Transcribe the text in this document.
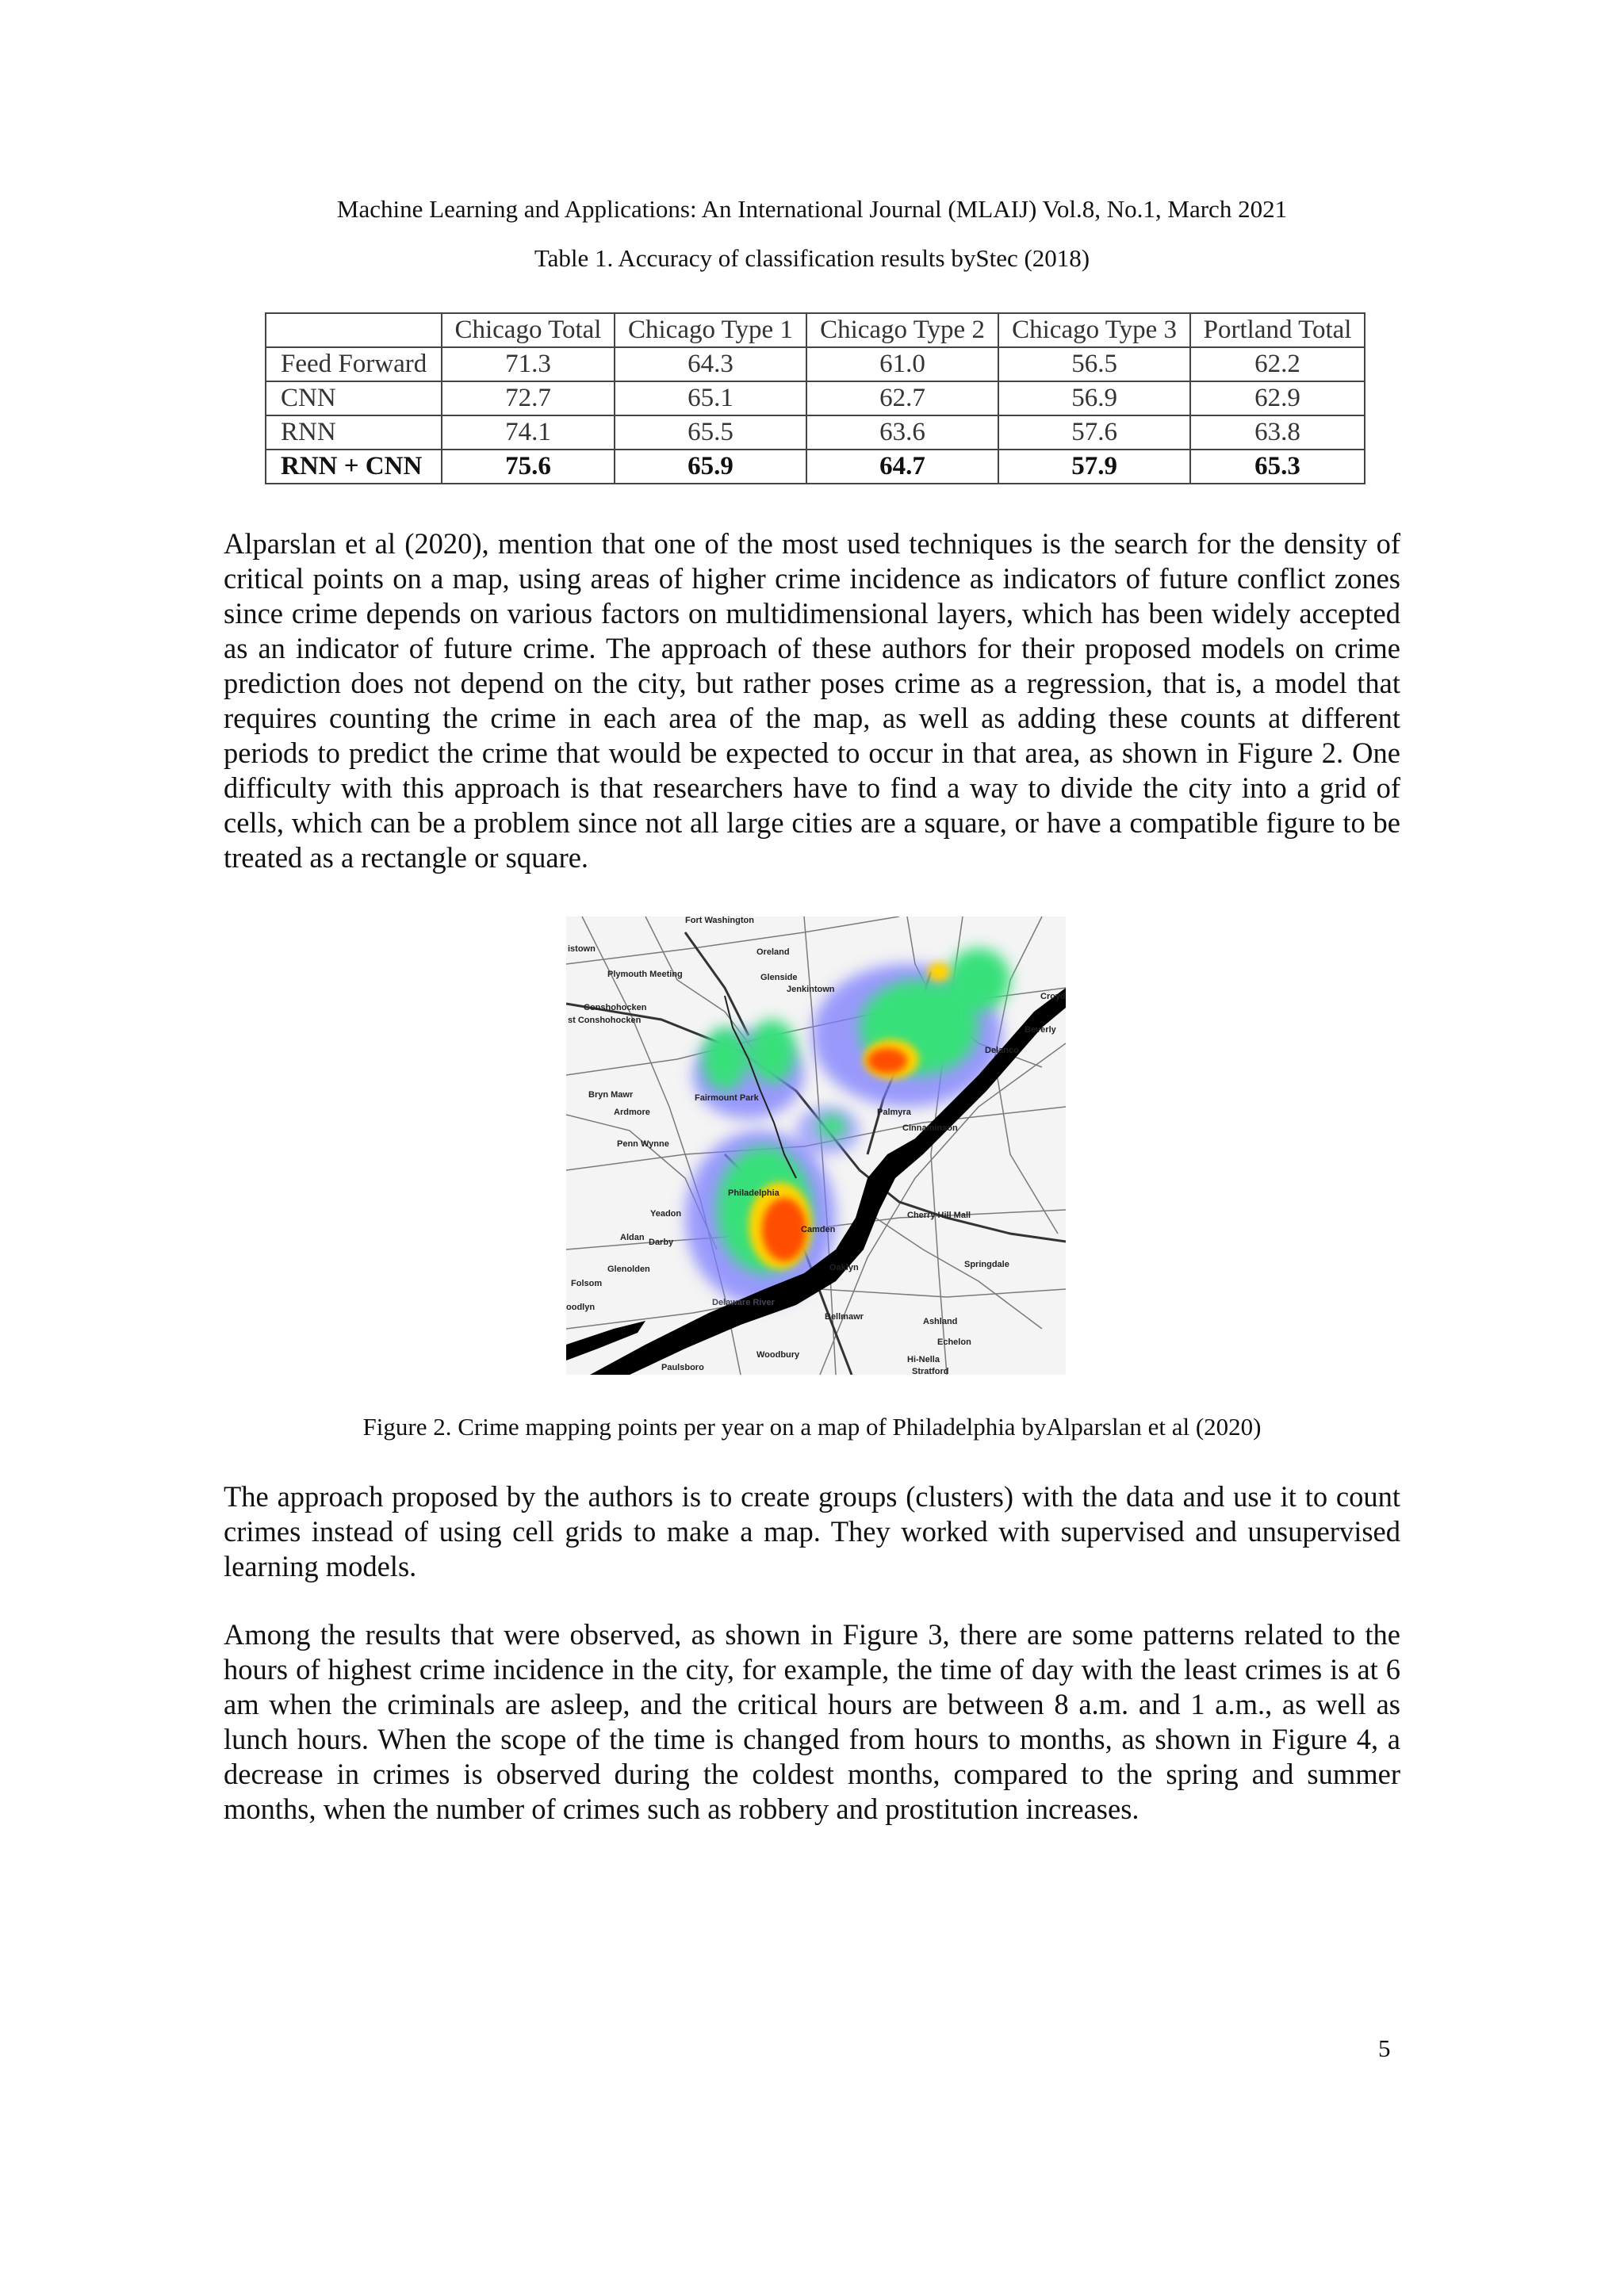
Machine Learning and Applications: An International Journal (MLAIJ) Vol.8, No.1, March 2021
Table 1. Accuracy of classification results byStec (2018)
	Chicago Total	Chicago Type 1	Chicago Type 2	Chicago Type 3	Portland Total
Feed Forward	71.3	64.3	61.0	56.5	62.2
CNN	72.7	65.1	62.7	56.9	62.9
RNN	74.1	65.5	63.6	57.6	63.8
RNN + CNN	75.6	65.9	64.7	57.9	65.3

Alparslan et al (2020), mention that one of the most used techniques is the search for the density of critical points on a map, using areas of higher crime incidence as indicators of future conflict zones since crime depends on various factors on multidimensional layers, which has been widely accepted as an indicator of future crime. The approach of these authors for their proposed models on crime prediction does not depend on the city, but rather poses crime as a regression, that is, a model that requires counting the crime in each area of the map, as well as adding these counts at different periods to predict the crime that would be expected to occur in that area, as shown in Figure 2. One difficulty with this approach is that researchers have to find a way to divide the city into a grid of cells, which can be a problem since not all large cities are a square, or have a compatible figure to be treated as a rectangle or square.

Fort Washington
Oreland
Glenside
Jenkintown
Plymouth Meeting
istown
Conshohocken
st Conshohocken
Croyd
Beverly
Delanco
Bryn Mawr
Ardmore
Fairmount Park
Palmyra
Cinnaminson
Penn Wynne
Philadelphia
Cherry Hill Mall
Yeadon
Camden
Aldan Darby
Glenolden	Oaklyn	Springdale
Folsom
oodlyn	Delaware River
Bellmawr	Ashland
Echelon
Woodbury
Paulsboro
Hi-Nella
Stratford
Figure 2. Crime mapping points per year on a map of Philadelphia byAlparslan et al (2020)

The approach proposed by the authors is to create groups (clusters) with the data and use it to count crimes instead of using cell grids to make a map. They worked with supervised and unsupervised learning models.

Among the results that were observed, as shown in Figure 3, there are some patterns related to the hours of highest crime incidence in the city, for example, the time of day with the least crimes is at 6 am when the criminals are asleep, and the critical hours are between 8 a.m. and 1 a.m., as well as lunch hours. When the scope of the time is changed from hours to months, as shown in Figure 4, a decrease in crimes is observed during the coldest months, compared to the spring and summer months, when the number of crimes such as robbery and prostitution increases.

5
